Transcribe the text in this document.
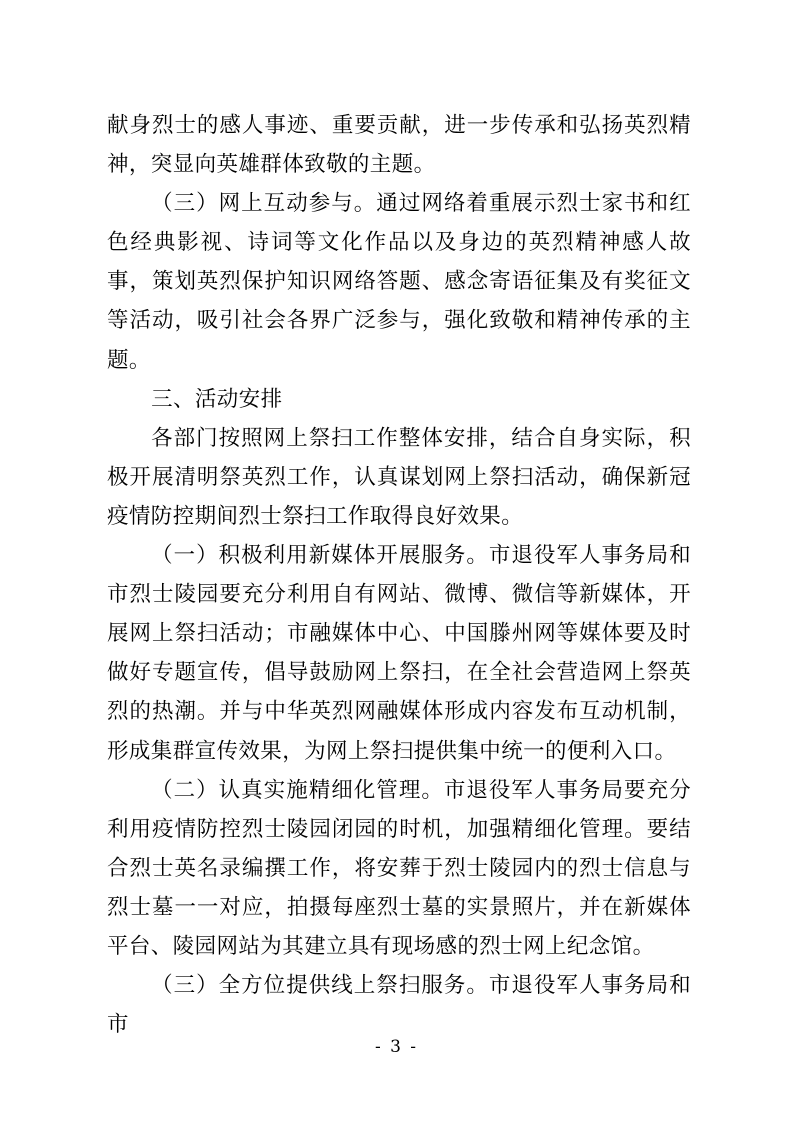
献身烈士的感人事迹、重要贡献，进一步传承和弘扬英烈精神，突显向英雄群体致敬的主题。

（三）网上互动参与。通过网络着重展示烈士家书和红色经典影视、诗词等文化作品以及身边的英烈精神感人故事，策划英烈保护知识网络答题、感念寄语征集及有奖征文等活动，吸引社会各界广泛参与，强化致敬和精神传承的主题。

三、活动安排

各部门按照网上祭扫工作整体安排，结合自身实际，积极开展清明祭英烈工作，认真谋划网上祭扫活动，确保新冠疫情防控期间烈士祭扫工作取得良好效果。

（一）积极利用新媒体开展服务。市退役军人事务局和市烈士陵园要充分利用自有网站、微博、微信等新媒体，开展网上祭扫活动；市融媒体中心、中国滕州网等媒体要及时做好专题宣传，倡导鼓励网上祭扫，在全社会营造网上祭英烈的热潮。并与中华英烈网融媒体形成内容发布互动机制，形成集群宣传效果，为网上祭扫提供集中统一的便利入口。

（二）认真实施精细化管理。市退役军人事务局要充分利用疫情防控烈士陵园闭园的时机，加强精细化管理。要结合烈士英名录编撰工作，将安葬于烈士陵园内的烈士信息与烈士墓一一对应，拍摄每座烈士墓的实景照片，并在新媒体平台、陵园网站为其建立具有现场感的烈士网上纪念馆。

（三）全方位提供线上祭扫服务。市退役军人事务局和市

- 3 -
